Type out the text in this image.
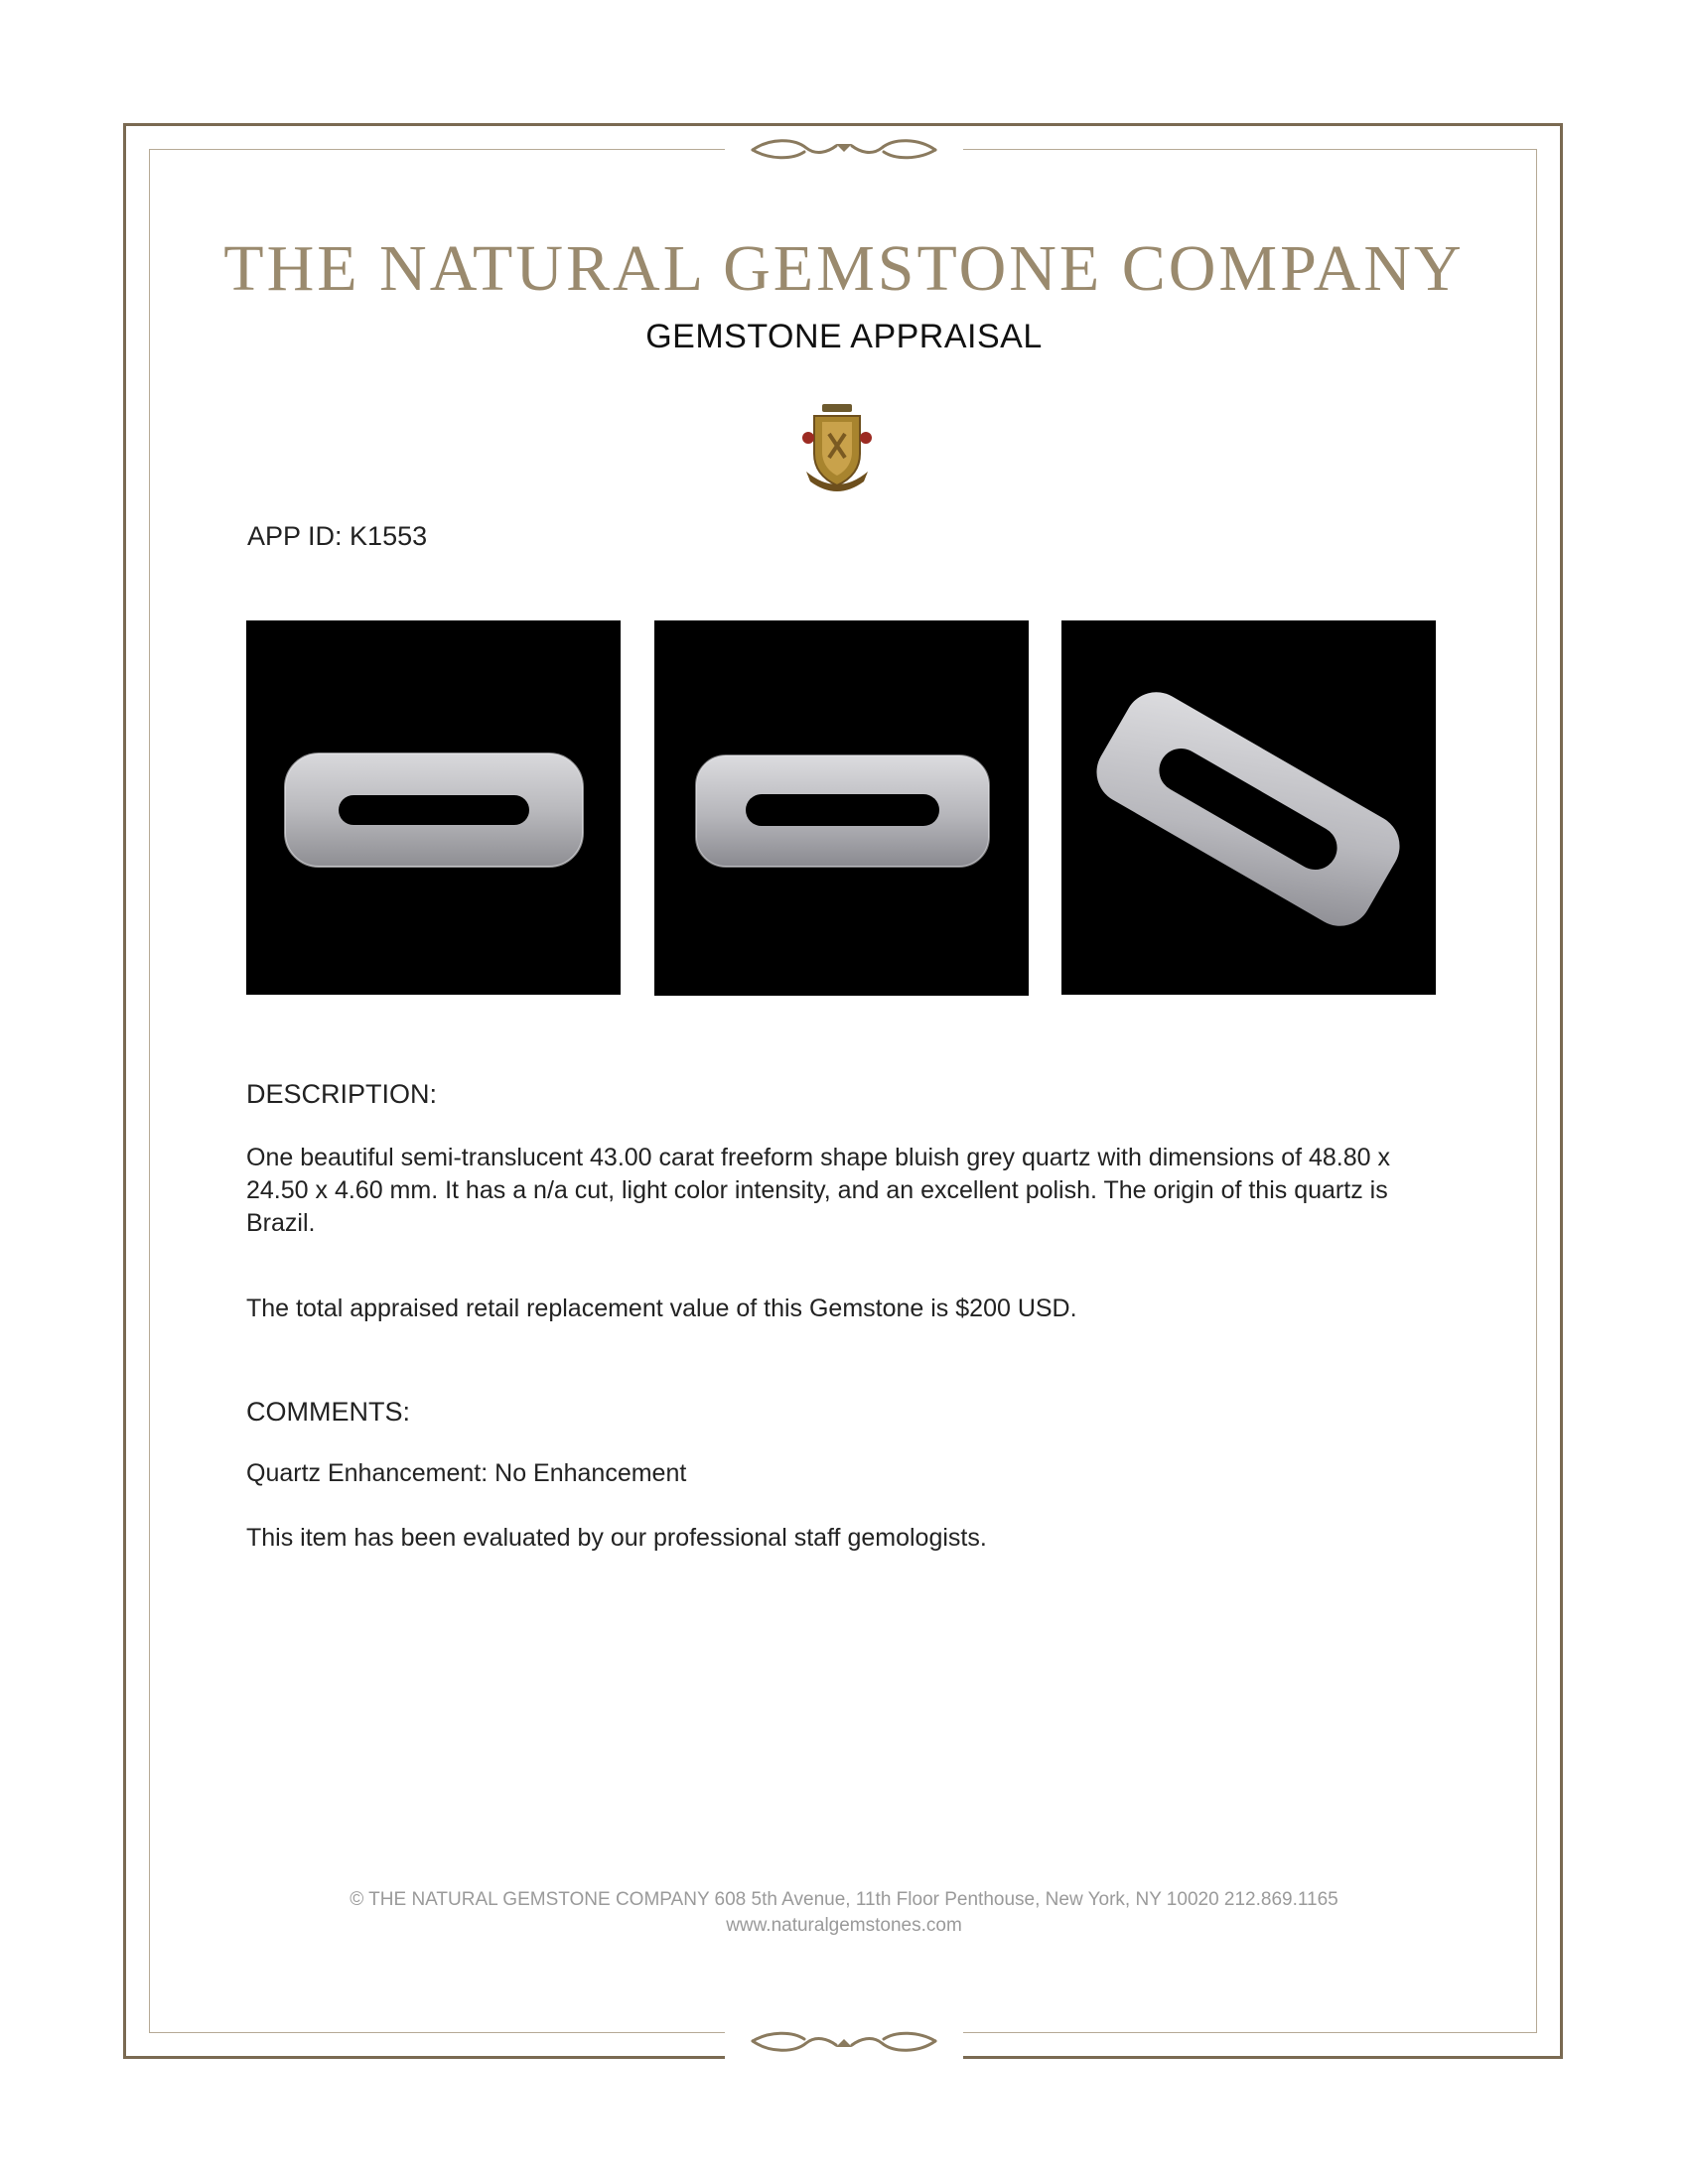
THE NATURAL GEMSTONE COMPANY
GEMSTONE APPRAISAL
APP ID: K1553
DESCRIPTION:

One beautiful semi-translucent 43.00 carat freeform shape bluish grey quartz with dimensions of 48.80 x 24.50 x 4.60 mm. It has a n/a cut, light color intensity, and an excellent polish. The origin of this quartz is Brazil.

The total appraised retail replacement value of this Gemstone is $200 USD.

COMMENTS:

Quartz Enhancement: No Enhancement

This item has been evaluated by our professional staff gemologists.

© THE NATURAL GEMSTONE COMPANY 608 5th Avenue, 11th Floor Penthouse, New York, NY 10020 212.869.1165
www.naturalgemstones.com
